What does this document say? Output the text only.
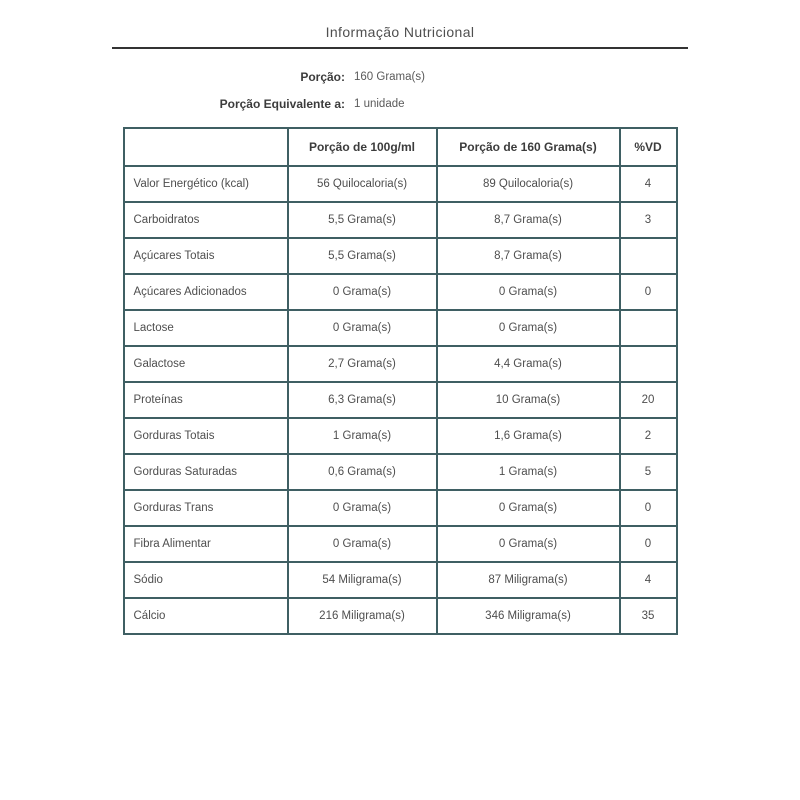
Informação Nutricional
Porção: 160 Grama(s)
Porção Equivalente a: 1 unidade
	Porção de 100g/ml	Porção de 160 Grama(s)	%VD
Valor Energético (kcal)	56 Quilocaloria(s)	89 Quilocaloria(s)	4
Carboidratos	5,5 Grama(s)	8,7 Grama(s)	3
Açúcares Totais	5,5 Grama(s)	8,7 Grama(s)	
Açúcares Adicionados	0 Grama(s)	0 Grama(s)	0
Lactose	0 Grama(s)	0 Grama(s)	
Galactose	2,7 Grama(s)	4,4 Grama(s)	
Proteínas	6,3 Grama(s)	10 Grama(s)	20
Gorduras Totais	1 Grama(s)	1,6 Grama(s)	2
Gorduras Saturadas	0,6 Grama(s)	1 Grama(s)	5
Gorduras Trans	0 Grama(s)	0 Grama(s)	0
Fibra Alimentar	0 Grama(s)	0 Grama(s)	0
Sódio	54 Miligrama(s)	87 Miligrama(s)	4
Cálcio	216 Miligrama(s)	346 Miligrama(s)	35
